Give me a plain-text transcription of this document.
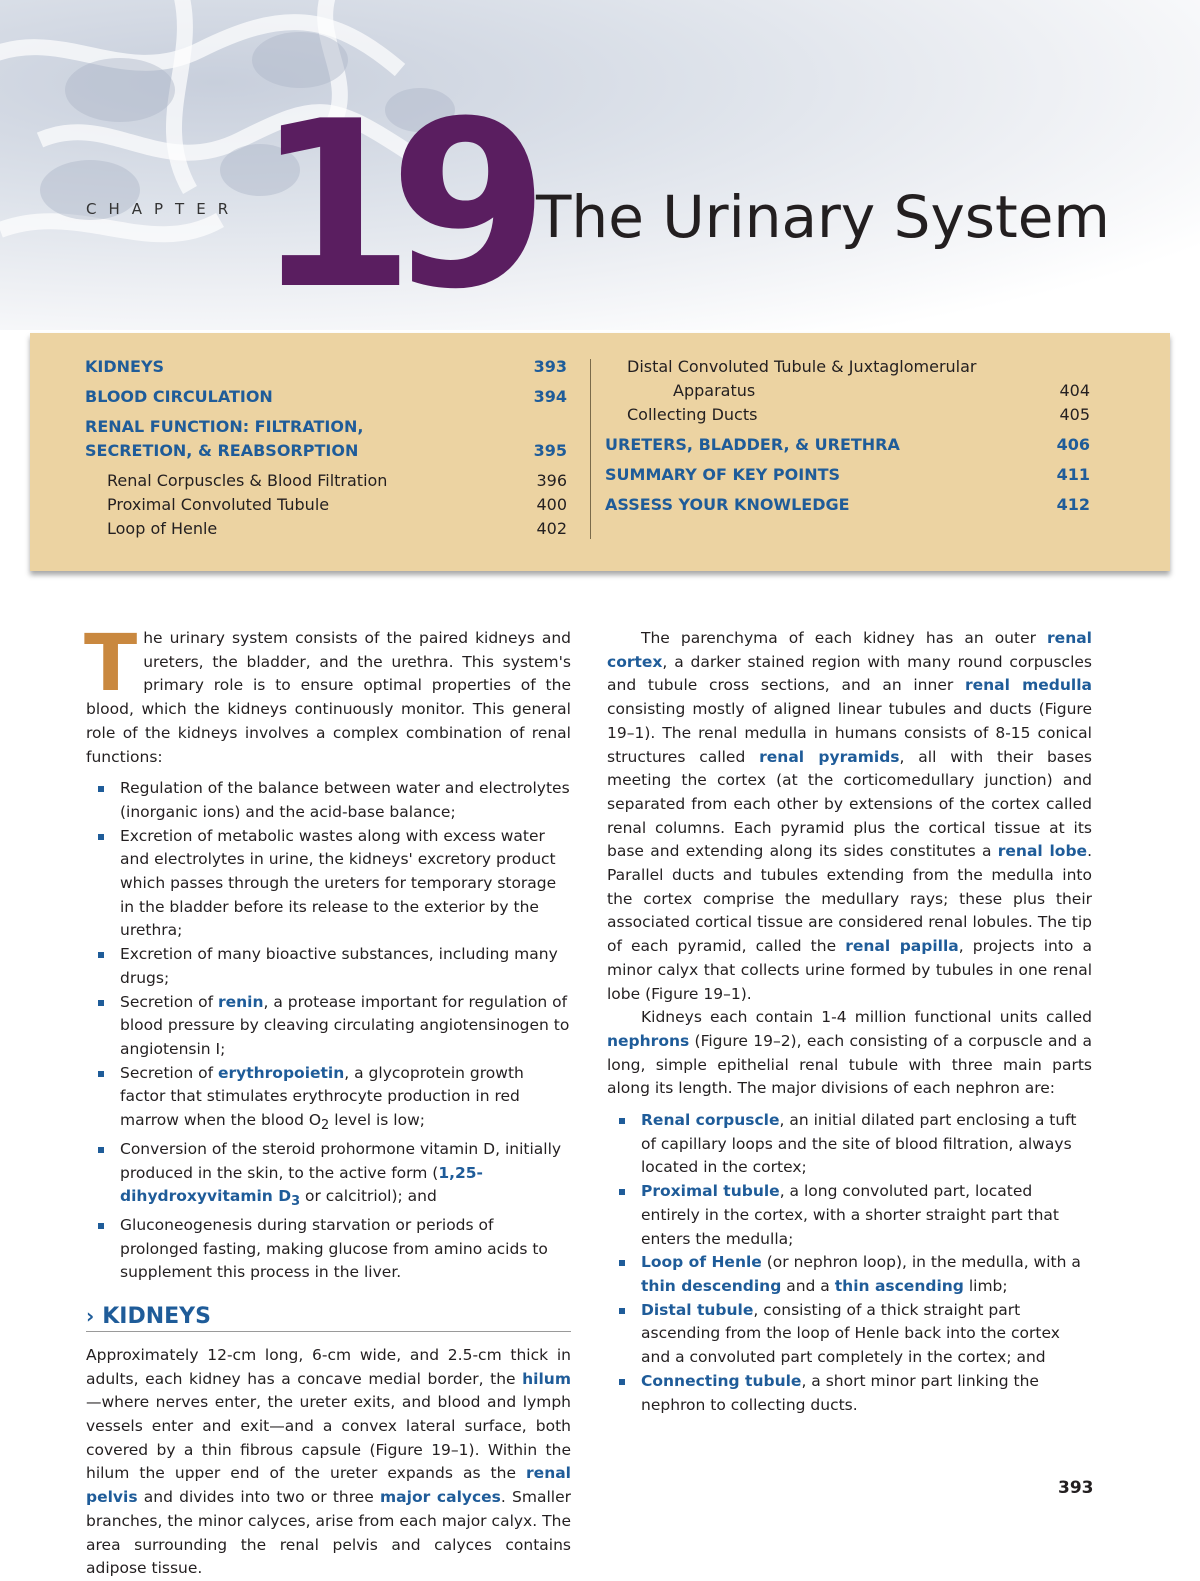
CHAPTER 19 The Urinary System
KIDNEYS	393
BLOOD CIRCULATION	394
RENAL FUNCTION: FILTRATION,
SECRETION, & REABSORPTION	395
Renal Corpuscles & Blood Filtration	396
Proximal Convoluted Tubule	400
Loop of Henle	402
Distal Convoluted Tubule & Juxtaglomerular
Apparatus	404
Collecting Ducts	405
URETERS, BLADDER, & URETHRA	406
SUMMARY OF KEY POINTS	411
ASSESS YOUR KNOWLEDGE	412

The urinary system consists of the paired kidneys and ureters, the bladder, and the urethra. This system's primary role is to ensure optimal properties of the blood, which the kidneys continuously monitor. This general role of the kidneys involves a complex combination of renal functions:

Regulation of the balance between water and electrolytes (inorganic ions) and the acid-base balance;
Excretion of metabolic wastes along with excess water and electrolytes in urine, the kidneys' excretory product which passes through the ureters for temporary storage in the bladder before its release to the exterior by the urethra;
Excretion of many bioactive substances, including many drugs;
Secretion of renin, a protease important for regulation of blood pressure by cleaving circulating angiotensinogen to angiotensin I;
Secretion of erythropoietin, a glycoprotein growth factor that stimulates erythrocyte production in red marrow when the blood $O_2$ level is low;
Conversion of the steroid prohormone vitamin D, initially produced in the skin, to the active form (1,25-dihydroxyvitamin $D_3$ or calcitriol); and
Gluconeogenesis during starvation or periods of prolonged fasting, making glucose from amino acids to supplement this process in the liver.
› KIDNEYS

Approximately 12-cm long, 6-cm wide, and 2.5-cm thick in adults, each kidney has a concave medial border, the hilum—where nerves enter, the ureter exits, and blood and lymph vessels enter and exit—and a convex lateral surface, both covered by a thin fibrous capsule (Figure 19–1). Within the hilum the upper end of the ureter expands as the renal pelvis and divides into two or three major calyces. Smaller branches, the minor calyces, arise from each major calyx. The area surrounding the renal pelvis and calyces contains adipose tissue.

The parenchyma of each kidney has an outer renal cortex, a darker stained region with many round corpuscles and tubule cross sections, and an inner renal medulla consisting mostly of aligned linear tubules and ducts (Figure 19–1). The renal medulla in humans consists of 8-15 conical structures called renal pyramids, all with their bases meeting the cortex (at the corticomedullary junction) and separated from each other by extensions of the cortex called renal columns. Each pyramid plus the cortical tissue at its base and extending along its sides constitutes a renal lobe. Parallel ducts and tubules extending from the medulla into the cortex comprise the medullary rays; these plus their associated cortical tissue are considered renal lobules. The tip of each pyramid, called the renal papilla, projects into a minor calyx that collects urine formed by tubules in one renal lobe (Figure 19–1).

Kidneys each contain 1-4 million functional units called nephrons (Figure 19–2), each consisting of a corpuscle and a long, simple epithelial renal tubule with three main parts along its length. The major divisions of each nephron are:

Renal corpuscle, an initial dilated part enclosing a tuft of capillary loops and the site of blood filtration, always located in the cortex;
Proximal tubule, a long convoluted part, located entirely in the cortex, with a shorter straight part that enters the medulla;
Loop of Henle (or nephron loop), in the medulla, with a thin descending and a thin ascending limb;
Distal tubule, consisting of a thick straight part ascending from the loop of Henle back into the cortex and a convoluted part completely in the cortex; and
Connecting tubule, a short minor part linking the nephron to collecting ducts.
393
